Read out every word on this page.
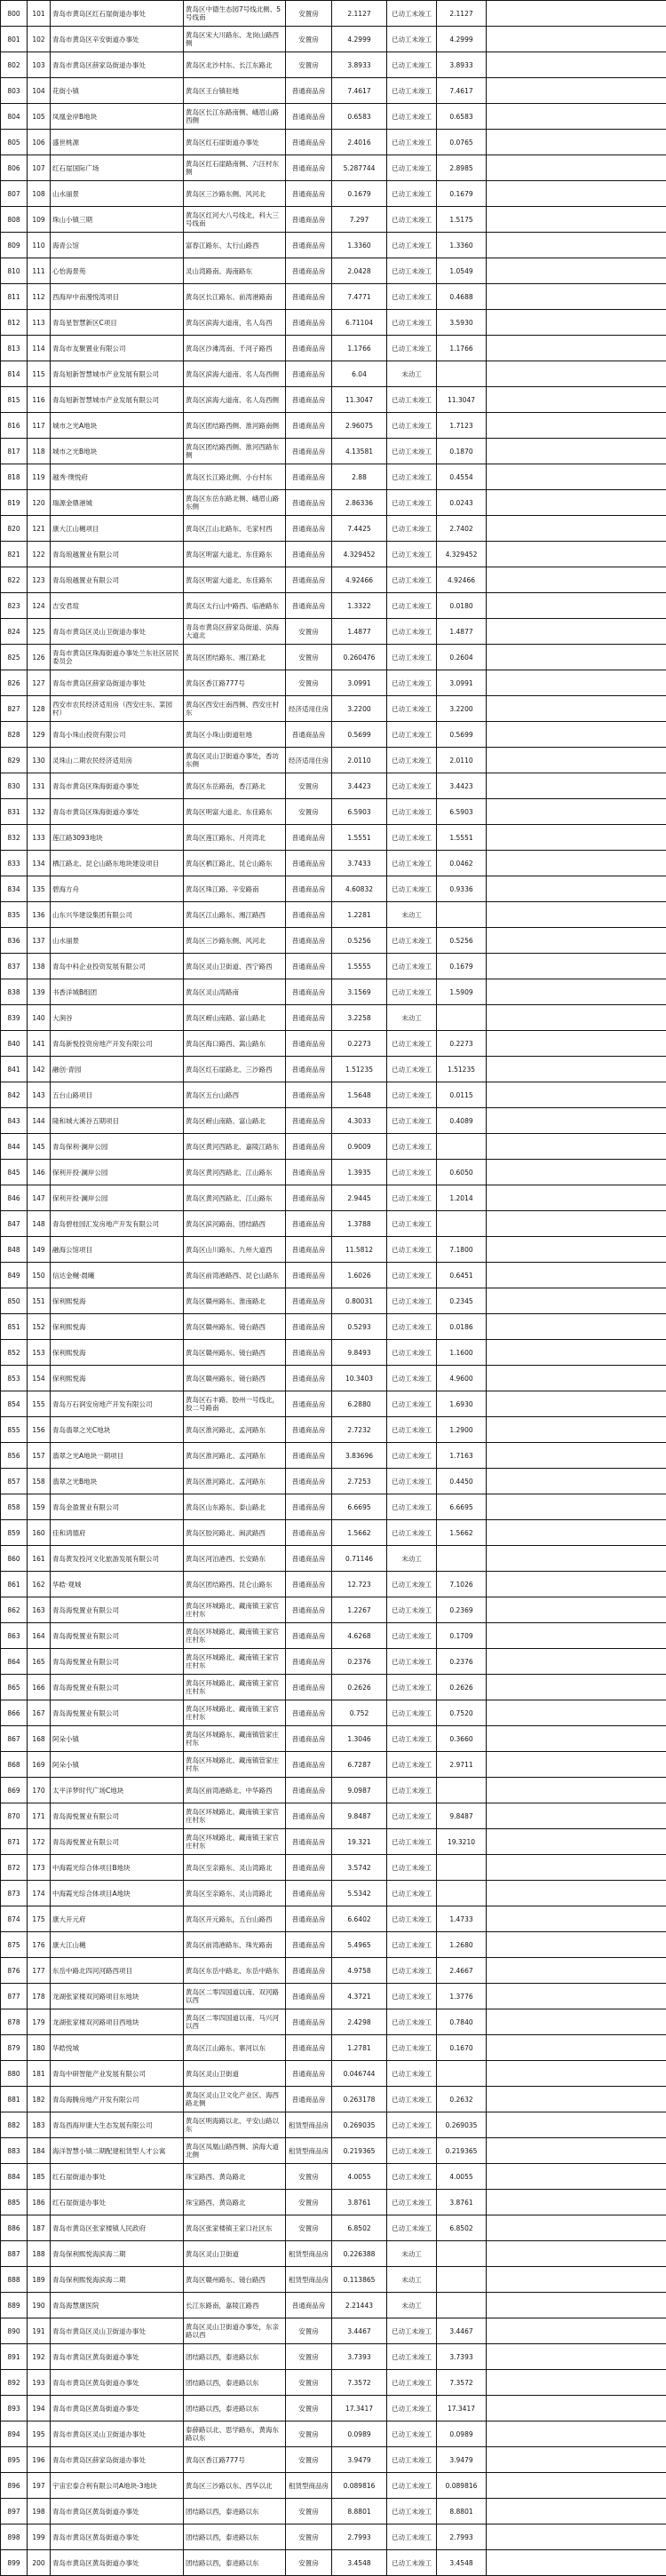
800	101	青岛市黄岛区红石崖街道办事处	黄岛区中德生态园7号线北侧、5号线南	安置房	2.1127	已动工未竣工	2.1127	
801	102	青岛市黄岛区辛安街道办事处	黄岛区宋大川路东、龙岗山路西侧	安置房	4.2999	已动工未竣工	4.2999	
802	103	青岛市黄岛区薛家岛街道办事处	黄岛区北沙村东、长江东路北	安置房	3.8933	已动工未竣工	3.8933	
803	104	花街小镇	黄岛区王台镇驻地	普通商品房	7.4617	已动工未竣工	7.4617	
804	105	凤凰金岸B地块	黄岛区长江东路南侧、峨眉山路西侧	普通商品房	0.6583	已动工未竣工	0.6583	
805	106	盛世桃源	黄岛区红石崖街道办事处	普通商品房	2.4016	已动工未竣工	0.0765	
806	107	红石崖国际广场	黄岛区红石崖路南侧、六汪村东侧	普通商品房	5.287744	已动工未竣工	2.8985	
807	108	山水丽景	黄岛区三沙路东侧、风河北	普通商品房	0.1679	已动工未竣工	0.1679	
808	109	珠山小镇三期	黄岛区红河大八号线北、科大三号线南	普通商品房	7.297	已动工未竣工	1.5175	
809	110	海青公馆	富春江路东、太行山路西	普通商品房	1.3360	已动工未竣工	1.3360	
810	111	心怡海景苑	灵山湾路南、海南路东	普通商品房	2.0428	已动工未竣工	1.0549	
811	112	西海岸中南漫悦湾项目	黄岛区长江路东、前湾港路南	普通商品房	7.4771	已动工未竣工	0.4688	
812	113	青岛星智慧新区C项目	黄岛区滨海大道南，名人岛西	普通商品房	6.71104	已动工未竣工	3.5930	
813	114	青岛市友聚置业有限公司	黄岛区沙滩湾南、千河子路西	普通商品房	1.1766	已动工未竣工	1.1766	
814	115	青岛旭新智慧城市产业发展有限公司	黄岛区滨海大道南、名人岛西侧	普通商品房	6.04	未动工		
815	116	青岛旭新智慧城市产业发展有限公司	黄岛区滨海大道南、名人岛西侧	普通商品房	11.3047	已动工未竣工	11.3047	
816	117	城市之光A地块	黄岛区团结路西侧、淮河路南侧	普通商品房	2.96075	已动工未竣工	1.7123	
817	118	城市之光B地块	黄岛区团结路西侧、淮河西路东侧	普通商品房	4.13581	已动工未竣工	0.1870	
818	119	越秀·璞悦府	黄岛区长江路北侧、小台村东	普通商品房	2.88	已动工未竣工	0.4554	
819	120	瑞源金鼎港城	黄岛区东岳东路北侧、峨眉山路东侧	普通商品房	2.86336	已动工未竣工	0.0243	
820	121	康大江山樾项目	黄岛区江山北路东、毛家村西	普通商品房	7.4425	已动工未竣工	2.7402	
821	122	青岛琅越置业有限公司	黄岛区明富大道北、东佳路东	普通商品房	4.329452	已动工未竣工	4.329452	
822	123	青岛琅越置业有限公司	黄岛区明富大道北、东佳路东	普通商品房	4.92466	已动工未竣工	4.92466	
823	124	吉安君瑄	黄岛区太行山中路西、临港路东	普通商品房	1.3322	已动工未竣工	0.0180	
824	125	青岛市黄岛区灵山卫街道办事处	青岛市黄岛区薛家岛街道、滨海大道北	安置房	1.4877	已动工未竣工	1.4877	
825	126	青岛市黄岛区珠海街道办事处兰东社区居民委员会	黄岛区团结路东、湘江路北	安置房	0.260476	已动工未竣工	0.2604	
826	127	青岛市黄岛区薛家岛街道办事处	黄岛区香江路777号	安置房	3.0991	已动工未竣工	3.0991	
827	128	西安市农民经济适用房（西安庄东、菜园村）	黄岛区西安庄南西侧、西安庄村东	经济适用住房	3.2200	已动工未竣工	3.2200	
828	129	青岛小珠山投资有限公司	黄岛区小珠山街道驻地	普通商品房	0.5699	已动工未竣工	0.5699	
829	130	灵珠山二期农民经济适用房	黄岛区灵山卫街道办事处，香坊东侧	经济适用住房	2.0110	已动工未竣工	2.0110	
830	131	青岛市黄岛区珠海街道办事处	黄岛区东岳路南，香江路北	安置房	3.4423	已动工未竣工	3.4423	
831	132	青岛市黄岛区珠海街道办事处	黄岛区明富大道北、东佳路东	安置房	6.5903	已动工未竣工	6.5903	
832	133	莲江路3093地块	黄岛区莲江路东、月亮湾北	普通商品房	1.5551	已动工未竣工	1.5551	
833	134	栖江路北、昆仑山路东地块建设项目	黄岛区栖江路北、昆仑山路东	普通商品房	3.7433	已动工未竣工	0.0462	
834	135	碧海方舟	黄岛区珠江路、辛安路南	普通商品房	4.60832	已动工未竣工	0.9336	
835	136	山东兴华建设集团有限公司	黄岛区江山路东、湘江路西	普通商品房	1.2281	未动工		
836	137	山水丽景	黄岛区三沙路东侧、风河北	普通商品房	0.5256	已动工未竣工	0.5256	
837	138	青岛中科企业投资发展有限公司	黄岛区灵山卫街道、西宁路西	普通商品房	1.5555	已动工未竣工	0.1679	
838	139	书香洋城B组团	黄岛区灵山湾路南	普通商品房	3.1569	已动工未竣工	1.5909	
839	140	大涧谷	黄岛区崂山南路、富山路北	普通商品房	3.2258	未动工		
840	141	青岛新悦投资房地产开发有限公司	黄岛区海口路西、嵩山路东	普通商品房	0.2273	已动工未竣工	0.2273	
841	142	融创·青园	黄岛区红石崖路北、三沙路西	普通商品房	1.51235	已动工未竣工	1.51235	
842	143	五台山路项目	黄岛区五台山路西	普通商品房	1.5648	已动工未竣工	0.0115	
843	144	隆和城大溪谷五期项目	黄岛区崂山南路、富山路北	普通商品房	4.3033	已动工未竣工	0.4089	
844	145	青岛保利·澜岸公园	黄岛区黄河西路北、嘉陵江路东	普通商品房	0.9009	已动工未竣工		
845	146	保利开投·澜岸公园	黄岛区黄河西路北、江山路东	普通商品房	1.3935	已动工未竣工	0.6050	
846	147	保利开投·澜岸公园	黄岛区黄河西路北、江山路东	普通商品房	2.9445	已动工未竣工	1.2014	
847	148	青岛碧桂园汇发房地产开发有限公司	黄岛区滨河路南、团结路西	普通商品房	1.3788	已动工未竣工		
848	149	融海公馆项目	黄岛区山川路东、九州大道西	普通商品房	11.5812	已动工未竣工	7.1800	
849	150	信达金樾·晨曦	黄岛区前湾港路西、昆仑山路东	普通商品房	1.6026	已动工未竣工	0.6451	
850	151	保利熙悦海	黄岛区赣州路东、淮南路北	普通商品房	0.80031	已动工未竣工	0.2345	
851	152	保利熙悦海	黄岛区赣州路东、镜台路西	普通商品房	0.5293	已动工未竣工	0.0186	
852	153	保利熙悦海	黄岛区赣州路东、镜台路西	普通商品房	9.8493	已动工未竣工	1.1600	
853	154	保利熙悦海	黄岛区赣州路东、镜台路西	普通商品房	10.3403	已动工未竣工	4.9600	
854	155	青岛万石润安房地产开发有限公司	黄岛区石丰路、胶州一号线北，胶二号路南	普通商品房	6.2880	已动工未竣工	1.6930	
855	156	青岛翡翠之光C地块	黄岛区淮河路北、孟河路东	普通商品房	2.7232	已动工未竣工	1.2900	
856	157	翡翠之光A地块一期项目	黄岛区淮河路北、孟河路东	普通商品房	3.83696	已动工未竣工	1.7163	
857	158	翡翠之光B地块	黄岛区淮河路北、孟河路东	普通商品房	2.7253	已动工未竣工	0.4450	
858	159	青岛金盈置业有限公司	黄岛区山东路东、泰山路北	普通商品房	6.6695	已动工未竣工	6.6695	
859	160	佳和鸿德府	黄岛区胶河路北、闽武路西	普通商品房	1.5662	已动工未竣工	1.5662	
860	161	青岛黄发投河文化旅游发展有限公司	黄岛区河泊港西、长安路东	普通商品房	0.71146	未动工		
861	162	华皓·观城	黄岛区团结路西、昆仑山路东	普通商品房	12.723	已动工未竣工	7.1026	
862	163	青岛海悦置业有限公司	黄岛区环城路北、藏南镇王家官庄村东	普通商品房	1.2267	已动工未竣工	0.2369	
863	164	青岛海悦置业有限公司	黄岛区环城路北、藏南镇王家官庄村东	普通商品房	4.6268	已动工未竣工	0.1709	
864	165	青岛海悦置业有限公司	黄岛区环城路北、藏南镇王家官庄村东	普通商品房	0.2376	已动工未竣工	0.2376	
865	166	青岛海悦置业有限公司	黄岛区环城路北、藏南镇王家官庄村东	普通商品房	0.2626	已动工未竣工	0.2626	
866	167	青岛海悦置业有限公司	黄岛区环城路北、藏南镇王家官庄村东	普通商品房	0.752	已动工未竣工	0.7520	
867	168	阿朵小镇	黄岛区环城路东、藏南镇管家庄村东	普通商品房	1.3046	已动工未竣工	0.3660	
868	169	阿朵小镇	黄岛区环城路北、藏南镇管家庄村东	普通商品房	6.7287	已动工未竣工	2.9711	
869	170	太平洋梦时代广场C地块	黄岛区前湾港路北、中华路西	普通商品房	9.0987	已动工未竣工		
870	171	青岛海悦置业有限公司	黄岛区环城路北、藏南镇王家官庄村东	普通商品房	9.8487	已动工未竣工	9.8487	
871	172	青岛海悦置业有限公司	黄岛区环城路北、藏南镇王家官庄村东	普通商品房	19.321	已动工未竣工	19.3210	
872	173	中海霞光综合体项目B地块	黄岛区至亲路东、灵山湾路北	普通商品房	3.5742	已动工未竣工		
873	174	中海霞光综合体项目A地块	黄岛区至亲路东、灵山湾路北	普通商品房	5.5342	已动工未竣工		
874	175	康大开元府	黄岛区开元路东，五台山路西	普通商品房	6.6402	已动工未竣工	1.4733	
875	176	康大江山樾	黄岛区前湾港路东、珠光路南	普通商品房	5.4965	已动工未竣工	1.2680	
876	177	东岳中路北四河河路西项目	黄岛区东岳中路北、东岳中路东	普通商品房	4.9758	已动工未竣工	2.4667	
877	178	龙湖张家楼双河路项目东地块	黄岛区二零四国道以南、双河路以西	普通商品房	4.3721	已动工未竣工	1.3776	
878	179	龙湖张家楼双河路项目西地块	黄岛区二零四国道以南、马兴河以西	普通商品房	2.4298	已动工未竣工	0.7840	
879	180	华皓悦城	黄岛区江山路东、寨河以东	普通商品房	1.2781	已动工未竣工	0.1670	
880	181	青岛中研智能产业发展有限公司	黄岛区灵山卫街道	普通商品房	0.046744	已动工未竣工		
881	182	青岛海腾房地产开发有限公司	黄岛区灵山卫文化产业区、海西路北侧	普通商品房	0.263178	已动工未竣工	0.2632	
882	183	青岛西海岸康大生态发展有限公司	黄岛区明海路以北、平安山路以东	租赁型商品房	0.269035	已动工未竣工	0.269035	
883	184	海洋智慧小镇二期配建租赁型人才公寓	黄岛区凤凰山路西侧、滨海大道北侧	租赁型商品房	0.219365	已动工未竣工	0.219365	
884	185	红石崖街道办事处	珠宝路西、黄岛路北	安置房	4.0055	已动工未竣工	4.0055	
885	186	红石崖街道办事处	珠宝路西、黄岛路北	安置房	3.8761	已动工未竣工	3.8761	
886	187	青岛市黄岛区张家楼镇人民政府	黄岛区张家楼镇王家口社区东	安置房	6.8502	已动工未竣工	6.8502	
887	188	青岛保利熙悦海滨海二期	黄岛区灵山卫街道	租赁型商品房	0.226388	未动工		
888	189	青岛保利熙悦海滨海二期	黄岛区赣州路东、镜台路西	租赁型商品房	0.113865	未动工		
889	190	青岛海慧康医院	长江东路南，嘉陵江路西	普通商品房	2.21443	未动工		
890	191	青岛市黄岛区灵山卫街道办事处	黄岛区灵山卫街道办事处，东亲路以西	安置房	3.4467	已动工未竣工	3.4467	
891	192	青岛市黄岛区黄岛街道办事处	团结路以西，泰进路以东	安置房	3.7393	已动工未竣工	3.7393	
892	193	青岛市黄岛区黄岛街道办事处	团结路以西，泰进路以东	安置房	7.3572	已动工未竣工	7.3572	
893	194	青岛市黄岛区黄岛街道办事处	团结路以西，泰进路以东	安置房	17.3417	已动工未竣工	17.3417	
894	195	青岛市黄岛区灵山卫街道办事处	泰薛路以北、思学路东，黄海东路以东	安置房	0.0989	已动工未竣工	0.0989	
895	196	青岛市黄岛区薛家岛街道办事处	黄岛区香江路777号	安置房	3.9479	已动工未竣工	3.9479	
896	197	宇宙宏泰合利有限公司A地块-3地块	黄岛区三沙路以东、西华以北	租赁型商品房	0.089816	已动工未竣工	0.089816	
897	198	青岛市黄岛区黄岛街道办事处	团结路以西，泰进路以东	安置房	8.8801	已动工未竣工	8.8801	
898	199	青岛市黄岛区黄岛街道办事处	团结路以西，泰进路以东	安置房	2.7993	已动工未竣工	2.7993	
899	200	青岛市黄岛区黄岛街道办事处	团结路以西，泰进路以东	安置房	3.4548	已动工未竣工	3.4548	
